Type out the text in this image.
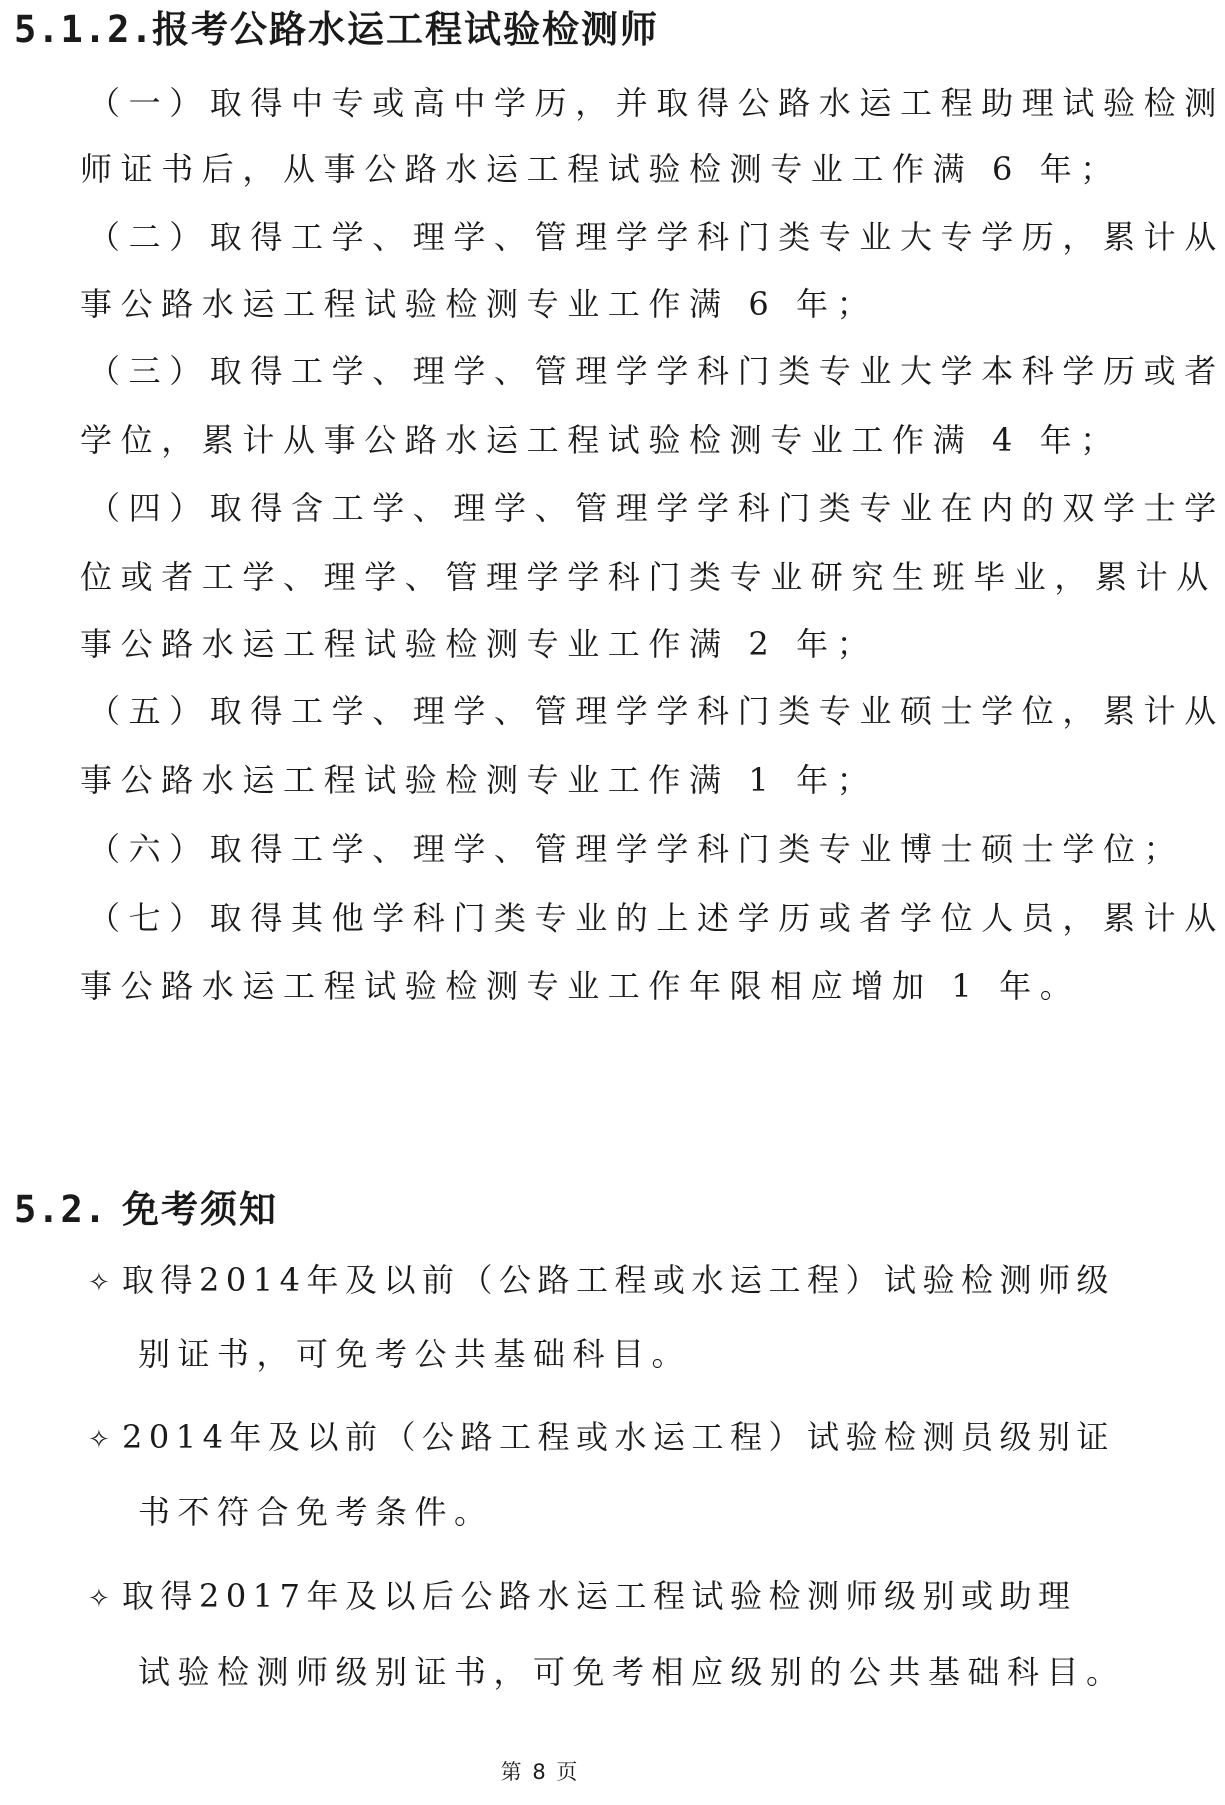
5.1.2.报考公路水运工程试验检测师
（一）取得中专或高中学历，并取得公路水运工程助理试验检测
师证书后，从事公路水运工程试验检测专业工作满 6 年；
（二）取得工学、理学、管理学学科门类专业大专学历，累计从
事公路水运工程试验检测专业工作满 6 年；
（三）取得工学、理学、管理学学科门类专业大学本科学历或者
学位，累计从事公路水运工程试验检测专业工作满 4 年；
（四）取得含工学、理学、管理学学科门类专业在内的双学士学
位或者工学、理学、管理学学科门类专业研究生班毕业，累计从
事公路水运工程试验检测专业工作满 2 年；
（五）取得工学、理学、管理学学科门类专业硕士学位，累计从
事公路水运工程试验检测专业工作满 1 年；
（六）取得工学、理学、管理学学科门类专业博士硕士学位；
（七）取得其他学科门类专业的上述学历或者学位人员，累计从
事公路水运工程试验检测专业工作年限相应增加 1 年。
5.2. 免考须知
✧ 取得2014年及以前（公路工程或水运工程）试验检测师级
别证书，可免考公共基础科目。
✧ 2014年及以前（公路工程或水运工程）试验检测员级别证
书不符合免考条件。
✧ 取得2017年及以后公路水运工程试验检测师级别或助理
试验检测师级别证书，可免考相应级别的公共基础科目。
第 8 页
